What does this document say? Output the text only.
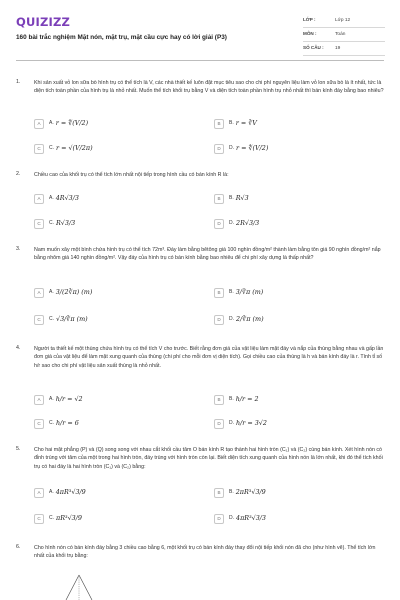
QUIZIZZ
160 bài trắc nghiệm Mặt nón, mặt trụ, mặt cầu cực hay có lời giải (P3)
LỚP :	Lớp 12
MÔN :	Toán
SỐ CÂU :	19
1.	Khi sản xuất vỏ lon sữa bò hình trụ có thể tích là V, các nhà thiết kế luôn đặt mục tiêu sao cho chi phí nguyên liệu làm vỏ lon sữa bò là ít nhất, tức là diện tích toàn phần của hình trụ là nhỏ nhất. Muốn thể tích khối trụ bằng V và diện tích toàn phần hình trụ nhỏ nhất thì bán kính đáy bằng bao nhiêu?
A	A. r = ∜(V/2)	B	B. r = ∛V
C	C. r = √(V/2π)	D	D. r = ∜(V/2)
2.	Chiều cao của khối trụ có thể tích lớn nhất nội tiếp trong hình cầu có bán kính R là:
A	A. 4R√3/3	B	B. R√3
C	C. R√3/3	D	D. 2R√3/3
3.	Nam muốn xây một bình chứa hình trụ có thể tích 72m³. Đáy làm bằng bêtông giá 100 nghìn đồng/m² thành làm bằng tôn giá 90 nghìn đồng/m² nắp bằng nhôm giá 140 nghìn đồng/m². Vậy đáy của hình trụ có bán kính bằng bao nhiêu để chi phí xây dựng là thấp nhất?
A	A. 3/(2∛π) (m)	B	B. 3/∛π (m)
C	C. √3/∛π (m)	D	D. 2/∛π (m)
4.	Người ta thiết kế một thùng chứa hình trụ có thể tích V cho trước. Biết rằng đơn giá của vật liệu làm mặt đáy và nắp của thùng bằng nhau và gấp lần đơn giá của vật liệu để làm mặt xung quanh của thùng (chi phí cho mỗi đơn vị diện tích). Gọi chiều cao của thùng là h và bán kính đáy là r. Tính tỉ số h/r sao cho chi phí vật liệu sản xuất thùng là nhỏ nhất.
A	A. h/r = √2	B	B. h/r = 2
C	C. h/r = 6	D	D. h/r = 3√2
5.	Cho hai mặt phẳng (P) và (Q) song song với nhau cắt khối cầu tâm O bán kính R tạo thành hai hình tròn (C₁) và (C₂) cùng bán kính. Xét hình nón có đỉnh trùng với tâm của một trong hai hình tròn, đáy trùng với hình tròn còn lại. Biết diện tích xung quanh của hình nón là lớn nhất, khi đó thể tích khối trụ có hai đáy là hai hình tròn (C₁) và (C₂) bằng:
A	A. 4πR³√3/9	B	B. 2πR³√3/9
C	C. πR³√3/9	D	D. 4πR³√3/3
6.	Cho hình nón có bán kính đáy bằng 3 chiều cao bằng 6, một khối trụ có bán kính đáy thay đổi nội tiếp khối nón đã cho (như hình vẽ). Thể tích lớn nhất của khối trụ bằng:
